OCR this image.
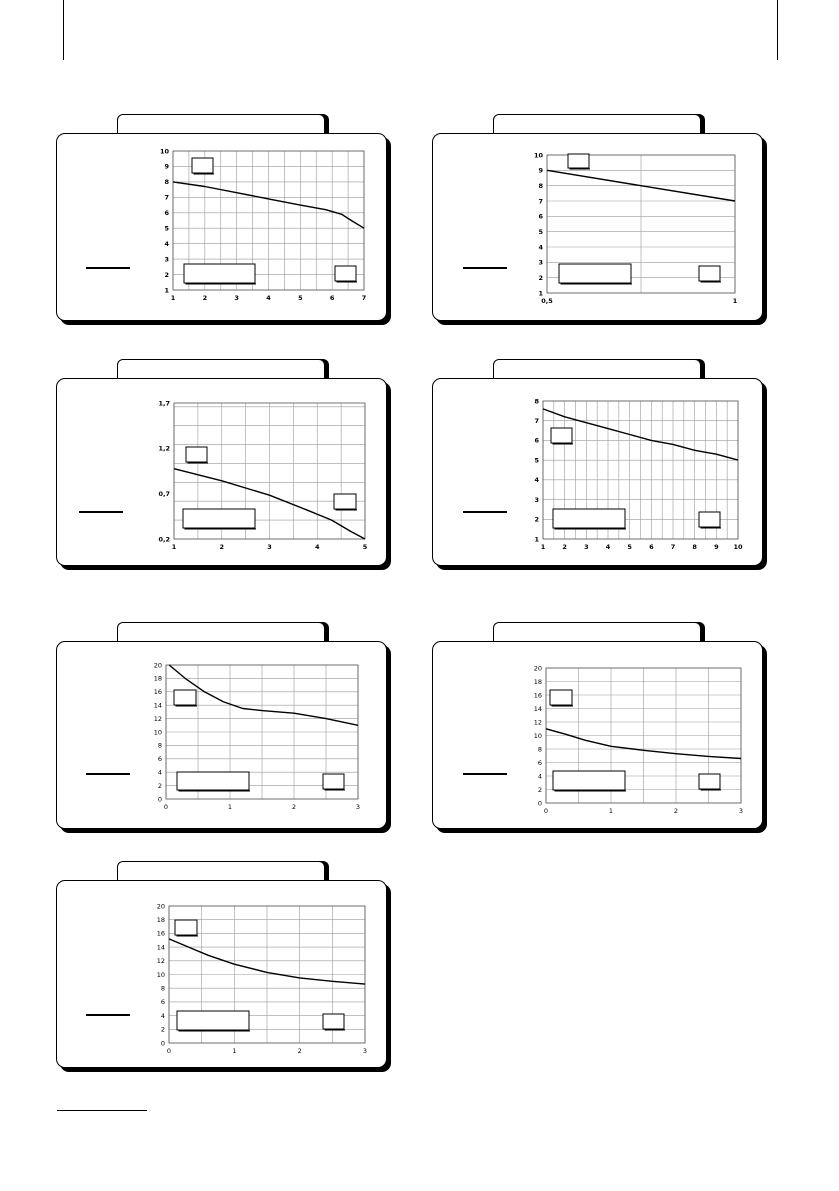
1	2	3	4	5	6	7
1
2
3
4
5
6
7
8
9
10
0,5	1
1
2
3
4
5
6
7
8
9
10
1	2	3	4	5
0,2
0,7
1,2
1,7
1	2	3	4	5	6	7	8	9 10
1
2
3
4
5
6
7
8
0	1	2	3
0
2
4
6
8
10
12
14
16
18
20
0	1	2	3
0
2
4
6
8
10
12
14
16
18
20
0	1	2	3
0
2
4
6
8
10
12
14
16
18
20
